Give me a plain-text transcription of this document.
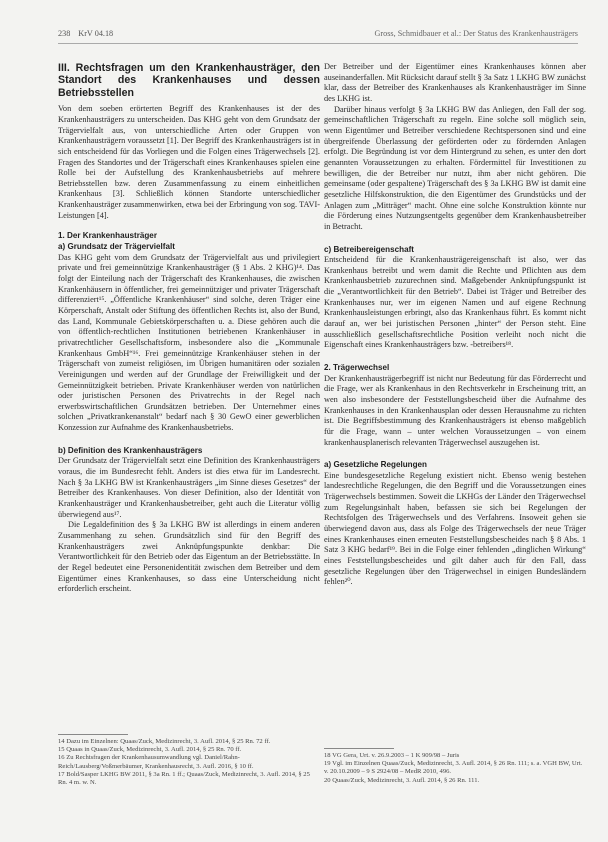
238 KrV 04.18	Gross, Schmidbauer et al.: Der Status des Krankenhausträgers
III. Rechtsfragen um den Krankenhausträger, den Standort des Krankenhauses und dessen Betriebsstellen

Von dem soeben erörterten Begriff des Krankenhauses ist der des Krankenhausträgers zu unterscheiden. Das KHG geht von dem Grundsatz der Trägervielfalt aus, von unterschiedliche Arten oder Gruppen von Krankenhausträgern voraussetzt [1]. Der Begriff des Krankenhausträgers ist in sich entscheidend für das Vorliegen und die Folgen eines Trägerwechsels [2]. Fragen des Standortes und der Trägerschaft eines Krankenhauses spielen eine Rolle bei der Aufstellung des Krankenhausbetriebs auf mehrere Betriebsstellen bzw. deren Zusammenfassung zu einem einheitlichen Krankenhaus [3]. Schließlich können Standorte unterschiedlicher Krankenhausträger zusammenwirken, etwa bei der Erbringung von sog. TAVI-Leistungen [4].

1. Der Krankenhausträger
a) Grundsatz der Trägervielfalt

Das KHG geht vom dem Grundsatz der Trägervielfalt aus und privilegiert private und frei gemeinnützige Krankenhausträger (§ 1 Abs. 2 KHG)¹⁴. Das folgt der Einteilung nach der Trägerschaft des Krankenhauses, die zwischen Krankenhäusern in öffentlicher, frei gemeinnütziger und privater Trägerschaft differenziert¹⁵. „Öffentliche Krankenhäuser“ sind solche, deren Träger eine Körperschaft, Anstalt oder Stiftung des öffentlichen Rechts ist, also der Bund, das Land, Kommunale Gebietskörperschaften u. a. Diese gehören auch die von öffentlich-rechtlichen Institutionen betriebenen Krankenhäuser in privatrechtlicher Gesellschaftsform, insbesondere also die „Kommunale Krankenhaus GmbH“¹⁶. Frei gemeinnützige Krankenhäuser stehen in der Trägerschaft von zumeist religiösen, im Übrigen humanitären oder sozialen Vereinigungen und werden auf der Grundlage der Freiwilligkeit und der Gemeinnützigkeit betrieben. Private Krankenhäuser werden von natürlichen oder juristischen Personen des Privatrechts in der Regel nach erwerbswirtschaftlichen Grundsätzen betrieben. Der Unternehmer eines solchen „Privatkrankenanstalt“ bedarf nach § 30 GewO einer gewerblichen Konzession zur Aufnahme des Krankenhausbetriebs.

b) Definition des Krankenhausträgers

Der Grundsatz der Trägervielfalt setzt eine Definition des Krankenhausträgers voraus, die im Bundesrecht fehlt. Anders ist dies etwa für im Landesrecht. Nach § 3a LKHG BW ist Krankenhausträgers „im Sinne dieses Gesetzes“ der Betreiber des Krankenhauses. Von dieser Definition, also der Identität von Krankenhausträger und Krankenhausbetreiber, geht auch die Literatur völlig überwiegend aus¹⁷.

Die Legaldefinition des § 3a LKHG BW ist allerdings in einem anderen Zusammenhang zu sehen. Grundsätzlich sind für den Begriff des Krankenhausträgers zwei Anknüpfungspunkte denkbar: Die Verantwortlichkeit für den Betrieb oder das Eigentum an der Betriebsstätte. In der Regel bedeutet eine Personenidentität zwischen dem Betreiber und dem Eigentümer eines Krankenhauses, so dass eine Unterscheidung nicht erforderlich erscheint.

Der Betreiber und der Eigentümer eines Krankenhauses können aber auseinanderfallen. Mit Rücksicht darauf stellt § 3a Satz 1 LKHG BW zunächst klar, dass der Betreiber des Krankenhauses als Krankenhausträger im Sinne des LKHG ist.

Darüber hinaus verfolgt § 3a LKHG BW das Anliegen, den Fall der sog. gemeinschaftlichen Trägerschaft zu regeln. Eine solche soll möglich sein, wenn Eigentümer und Betreiber verschiedene Rechtspersonen sind und eine übergreifende Überlassung der geförderten oder zu fördernden Anlagen erfolgt. Die Begründung ist vor dem Hintergrund zu sehen, es unter den dort genannten Voraussetzungen zu erhalten. Fördermittel für Investitionen zu bewilligen, die der Betreiber nur nutzt, ihm aber nicht gehören. Die gemeinsame (oder gespaltene) Trägerschaft des § 3a LKHG BW ist damit eine gesetzliche Hilfskonstruktion, die den Eigentümer des Grundstücks und der Anlagen zum „Mitträger“ macht. Ohne eine solche Konstruktion könnte nur die Förderung eines Nutzungsentgelts gegenüber dem Krankenhausbetreiber in Betracht.

c) Betreibereigenschaft

Entscheidend für die Krankenhausträgereigenschaft ist also, wer das Krankenhaus betreibt und wem damit die Rechte und Pflichten aus dem Krankenhausbetrieb zuzurechnen sind. Maßgebender Anknüpfungspunkt ist die „Verantwortlichkeit für den Betrieb“. Dabei ist Träger und Betreiber des Krankenhauses nur, wer im eigenen Namen und auf eigene Rechnung Krankenhausleistungen erbringt, also das Krankenhaus führt. Es kommt nicht darauf an, wer bei juristischen Personen „hinter“ der Person steht. Eine ausschließlich gesellschaftsrechtliche Position verleiht noch nicht die Eigenschaft eines Krankenhausträgers bzw. -betreibers¹⁸.

2. Trägerwechsel

Der Krankenhausträgerbegriff ist nicht nur Bedeutung für das Förderrecht und die Frage, wer als Krankenhaus in den Rechtsverkehr in Erscheinung tritt, an wen also insbesondere der Feststellungsbescheid über die Aufnahme des Krankenhauses in den Krankenhausplan oder dessen Herausnahme zu richten ist. Die Begriffsbestimmung des Krankenhausträgers ist ebenso maßgeblich für die Frage, wann – unter welchen Voraussetzungen – von einem krankenhausplanerisch relevanten Trägerwechsel auszugehen ist.

a) Gesetzliche Regelungen

Eine bundesgesetzliche Regelung existiert nicht. Ebenso wenig bestehen landesrechtliche Regelungen, die den Begriff und die Voraussetzungen eines Trägerwechsels bestimmen. Soweit die LKHGs der Länder den Trägerwechsel zum Regelungsinhalt haben, befassen sie sich bei Regelungen der Rechtsfolgen des Trägerwechsels und des Verfahrens. Insoweit gehen sie überwiegend davon aus, dass als Folge des Trägerwechsels der neue Träger eines Krankenhauses einen erneuten Feststellungsbescheides nach § 8 Abs. 1 Satz 3 KHG bedarf¹⁹. Bei in die Folge einer fehlenden „dinglichen Wirkung“ eines Feststellungsbescheides und gilt daher auch für den Fall, dass gesetzliche Regelungen über den Trägerwechsel in einigen Bundesländern fehlen²⁰.

14 Dazu im Einzelnen: Quaas/Zuck, Medizinrecht, 3. Aufl. 2014, § 25 Rn. 72 ff.

15 Quaas in Quaas/Zuck, Medizinrecht, 3. Aufl. 2014, § 25 Rn. 70 ff.

16 Zu Rechtsfragen der Krankenhausumwandlung vgl. Daniel/Rahn-Reich/Lausberg/Voßmerbäumer, Krankenhausrecht, 3. Aufl. 2016, § 10 ff.

17 Bold/Sasper LKHG BW 2011, § 3a Rn. 1 ff.; Quaas/Zuck, Medizinrecht, 3. Aufl. 2014, § 25 Rn. 4 m. w. N.

18 VG Gera, Urt. v. 26.9.2003 – 1 K 909/98 – Juris

19 Vgl. im Einzelnen Quaas/Zuck, Medizinrecht, 3. Aufl. 2014, § 26 Rn. 111; s. a. VGH BW, Urt. v. 20.10.2009 – 9 S 2924/08 – MedR 2010, 496.

20 Quaas/Zuck, Medizinrecht, 3. Aufl. 2014, § 26 Rn. 111.
